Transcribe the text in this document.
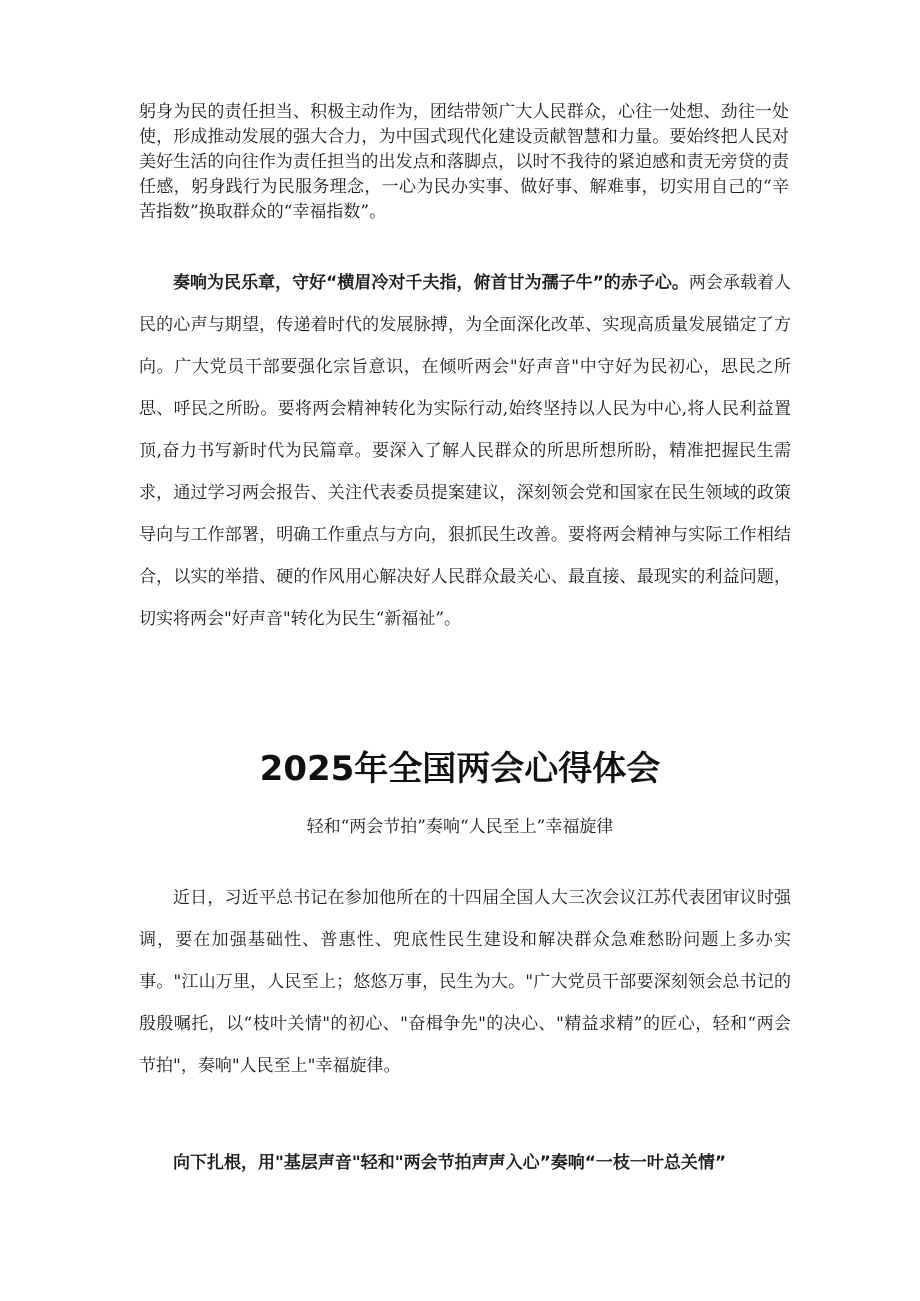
躬身为民的责任担当、积极主动作为，团结带领广大人民群众，心往一处想、劲往一处使，形成推动发展的强大合力，为中国式现代化建设贡献智慧和力量。要始终把人民对美好生活的向往作为责任担当的出发点和落脚点，以时不我待的紧迫感和责无旁贷的责任感，躬身践行为民服务理念，一心为民办实事、做好事、解难事，切实用自己的“辛苦指数”换取群众的“幸福指数”。

奏响为民乐章，守好“横眉冷对千夫指，俯首甘为孺子牛”的赤子心。两会承载着人民的心声与期望，传递着时代的发展脉搏，为全面深化改革、实现高质量发展锚定了方向。广大党员干部要强化宗旨意识，在倾听两会"好声音"中守好为民初心，思民之所思、呼民之所盼。要将两会精神转化为实际行动,始终坚持以人民为中心,将人民利益置顶,奋力书写新时代为民篇章。要深入了解人民群众的所思所想所盼，精准把握民生需求，通过学习两会报告、关注代表委员提案建议，深刻领会党和国家在民生领域的政策导向与工作部署，明确工作重点与方向，狠抓民生改善。要将两会精神与实际工作相结合，以实的举措、硬的作风用心解决好人民群众最关心、最直接、最现实的利益问题，切实将两会"好声音"转化为民生“新福祉”。

2025年全国两会心得体会

轻和“两会节拍”奏响“人民至上”幸福旋律

近日，习近平总书记在参加他所在的十四届全国人大三次会议江苏代表团审议时强调，要在加强基础性、普惠性、兜底性民生建设和解决群众急难愁盼问题上多办实事。"江山万里，人民至上；悠悠万事，民生为大。"广大党员干部要深刻领会总书记的殷殷嘱托，以“枝叶关情"的初心、"奋楫争先"的决心、"精益求精”的匠心，轻和“两会节拍"，奏响"人民至上"幸福旋律。

向下扎根，用"基层声音"轻和"两会节拍声声入心”奏响“一枝一叶总关情”
